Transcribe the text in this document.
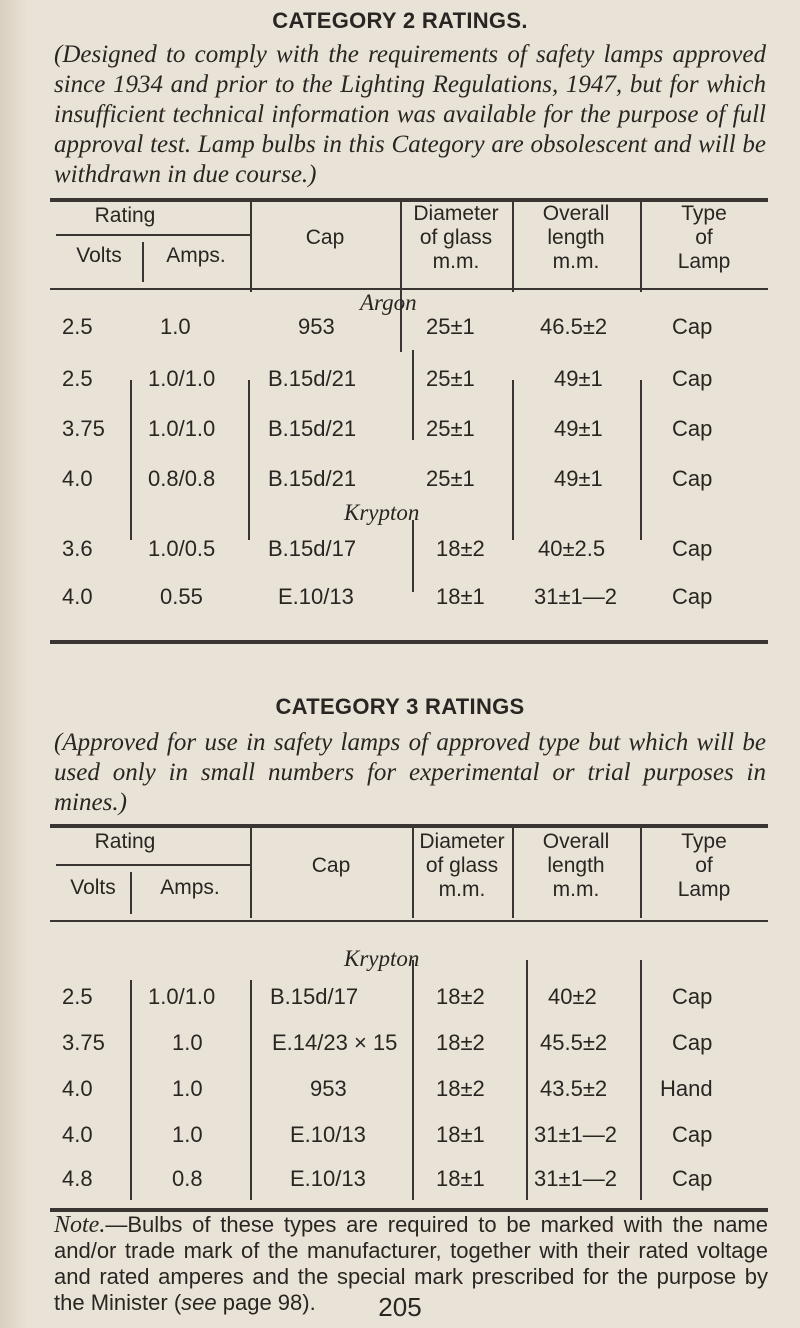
CATEGORY 2 RATINGS.
(Designed to comply with the requirements of safety lamps approved since 1934 and prior to the Lighting Regulations, 1947, but for which insufficient technical information was available for the purpose of full approval test. Lamp bulbs in this Category are obsolescent and will be withdrawn in due course.)
Rating
Volts	Amps.
Cap
Diameter
of glass
m.m.
Overall
length
m.m.
Type
of
Lamp
Argon
2.5	1.0	953	25±1	46.5±2	Cap
2.5	1.0/1.0 B.15d/21	25±1	49±1	Cap
3.75 1.0/1.0 B.15d/21	25±1	49±1	Cap
4.0	0.8/0.8 B.15d/21	25±1	49±1	Cap
Krypton
3.6	1.0/0.5 B.15d/17	18±2 40±2.5	Cap
4.0	0.55	E.10/13	18±1 31±1—2 Cap
CATEGORY 3 RATINGS
(Approved for use in safety lamps of approved type but which will be used only in small numbers for experimental or trial purposes in mines.)
Rating
Volts	Amps.
Cap
Diameter
of glass
m.m.
Overall
length
m.m.
Type
of
Lamp
Krypton
2.5	1.0/1.0 B.15d/17	18±2	40±2	Cap
3.75	1.0	E.14/23 × 15 18±2	45.5±2	Cap
4.0	1.0	953	18±2	43.5±2 Hand
4.0	1.0	E.10/13	18±1 31±1—2 Cap
4.8	0.8	E.10/13	18±1 31±1—2 Cap
Note.—Bulbs of these types are required to be marked with the name and/or trade mark of the manufacturer, together with their rated voltage and rated amperes and the special mark prescribed for the purpose by the Minister (see page 98).	205
